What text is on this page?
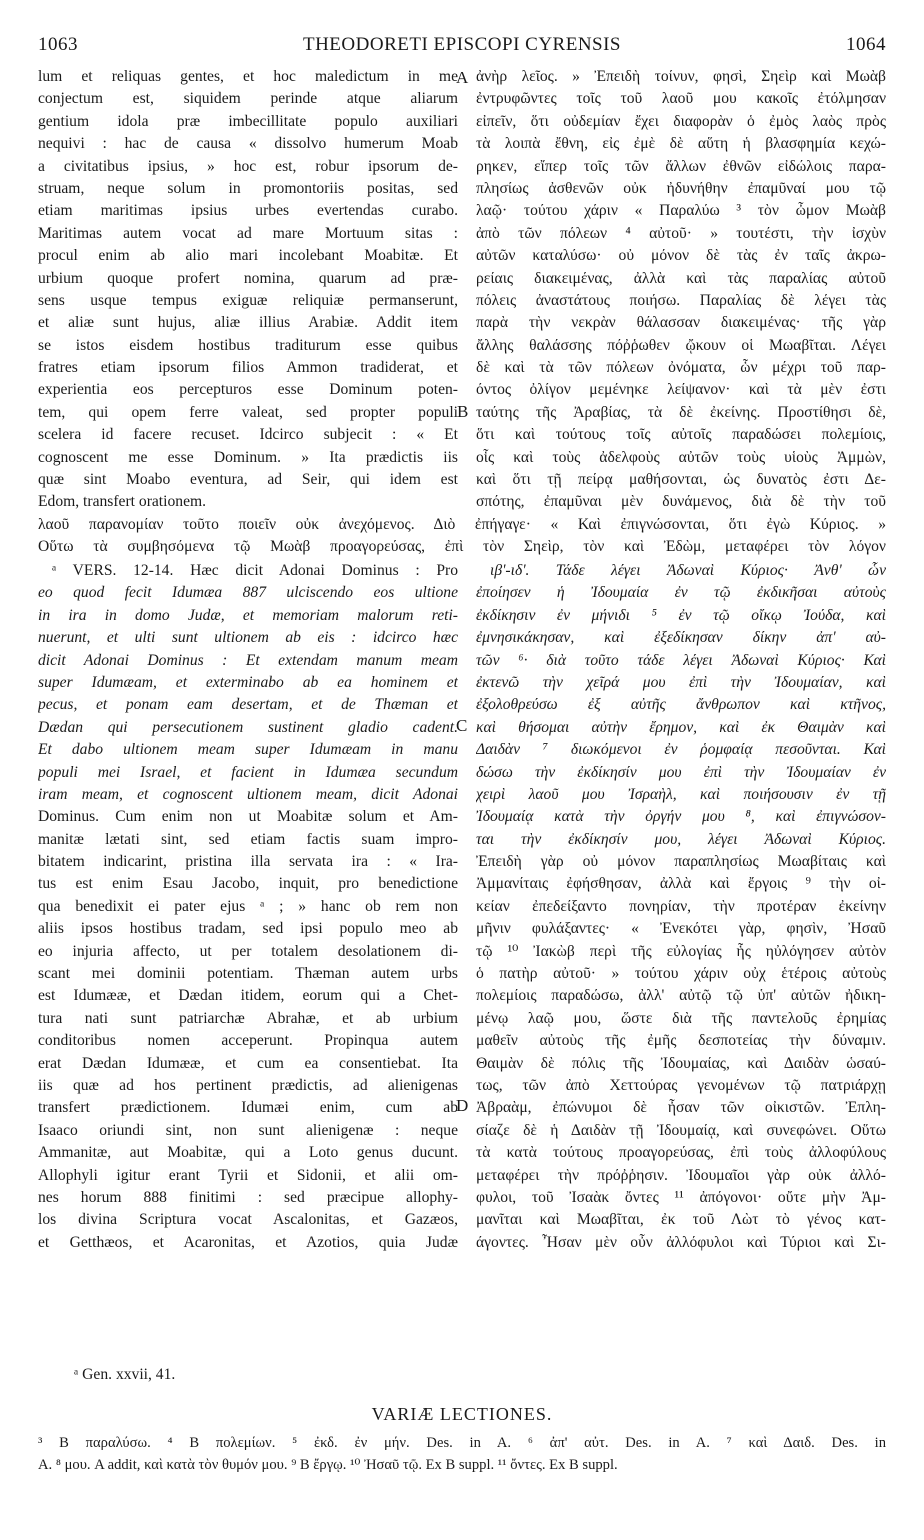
1063	THEODORETI EPISCOPI CYRENSIS	1064
lum et reliquas gentes, et hoc maledictum in me
conjectum est, siquidem perinde atque aliarum
gentium idola præ imbecillitate populo auxiliari
nequivi : hac de causa « dissolvo humerum Moab
a civitatibus ipsius, » hoc est, robur ipsorum de-
struam, neque solum in promontoriis positas, sed
etiam maritimas ipsius urbes evertendas curabo.
Maritimas autem vocat ad mare Mortuum sitas :
procul enim ab alio mari incolebant Moabitæ. Et
urbium quoque profert nomina, quarum ad præ-
sens usque tempus exiguæ reliquiæ permanserunt,
et aliæ sunt hujus, aliæ illius Arabiæ. Addit item
se istos eisdem hostibus traditurum esse quibus
fratres etiam ipsorum filios Ammon tradiderat, et
experientia eos percepturos esse Dominum poten-
tem, qui opem ferre valeat, sed propter populi
scelera id facere recuset. Idcirco subjecit : « Et
cognoscent me esse Dominum. » Ita prædictis iis
quæ sint Moabo eventura, ad Seir, qui idem est
Edom, transfert orationem.
ἀνὴρ λεῖος. » Ἐπειδὴ τοίνυν, φησὶ, Σηεὶρ καὶ Μωὰβ
ἐντρυφῶντες τοῖς τοῦ λαοῦ μου κακοῖς ἐτόλμησαν
εἰπεῖν, ὅτι οὐδεμίαν ἔχει διαφορὰν ὁ ἐμὸς λαὸς πρὸς
τὰ λοιπὰ ἔθνη, εἰς ἐμὲ δὲ αὕτη ἡ βλασφημία κεχώ-
ρηκεν, εἴπερ τοῖς τῶν ἄλλων ἐθνῶν εἰδώλοις παρα-
πλησίως ἀσθενῶν οὐκ ἠδυνήθην ἐπαμῦναί μου τῷ
λαῷ· τούτου χάριν « Παραλύω ³ τὸν ὦμον Μωὰβ
ἀπὸ τῶν πόλεων ⁴ αὐτοῦ· » τουτέστι, τὴν ἰσχὺν
αὐτῶν καταλύσω· οὐ μόνον δὲ τὰς ἐν ταῖς ἀκρω-
ρείαις διακειμένας, ἀλλὰ καὶ τὰς παραλίας αὐτοῦ
πόλεις ἀναστάτους ποιήσω. Παραλίας δὲ λέγει τὰς
παρὰ τὴν νεκρὰν θάλασσαν διακειμένας· τῆς γὰρ
ἄλλης θαλάσσης πόῤῥωθεν ᾤκουν οἱ Μωαβῖται. Λέγει
δὲ καὶ τὰ τῶν πόλεων ὀνόματα, ὧν μέχρι τοῦ παρ-
όντος ὀλίγον μεμένηκε λείψανον· καὶ τὰ μὲν ἐστι
ταύτης τῆς Ἀραβίας, τὰ δὲ ἐκείνης. Προστίθησι δὲ,
ὅτι καὶ τούτους τοῖς αὐτοῖς παραδώσει πολεμίοις,
οἷς καὶ τοὺς ἀδελφοὺς αὐτῶν τοὺς υἱοὺς Ἀμμὼν,
καὶ ὅτι τῇ πείρᾳ μαθήσονται, ὡς δυνατὸς ἐστι Δε-
σπότης, ἐπαμῦναι μὲν δυνάμενος, διὰ δὲ τὴν τοῦ
A
B
λαοῦ παρανομίαν τοῦτο ποιεῖν οὐκ ἀνεχόμενος. Διὸ ἐπήγαγε· « Καὶ ἐπιγνώσονται, ὅτι ἐγὼ Κύριος. »
Οὕτω τὰ συμβησόμενα τῷ Μωὰβ προαγορεύσας, ἐπὶ τὸν Σηεὶρ, τὸν καὶ Ἐδὼμ, μεταφέρει τὸν λόγον
ᵃ VERS. 12-14. Hæc dicit Adonai Dominus : Pro
eo quod fecit Idumæa 887 ulciscendo eos ultione
in ira in domo Judæ, et memoriam malorum reti-
nuerunt, et ulti sunt ultionem ab eis : idcirco hæc
dicit Adonai Dominus : Et extendam manum meam
super Idumæam, et exterminabo ab ea hominem et
pecus, et ponam eam desertam, et de Thæman et
Dædan qui persecutionem sustinent gladio cadent.
Et dabo ultionem meam super Idumæam in manu
populi mei Israel, et facient in Idumæa secundum
iram meam, et cognoscent ultionem meam, dicit Adonai
Dominus. Cum enim non ut Moabitæ solum et Am-
manitæ lætati sint, sed etiam factis suam impro-
bitatem indicarint, pristina illa servata ira : « Ira-
tus est enim Esau Jacobo, inquit, pro benedictione
qua benedixit ei pater ejus ᵃ ; » hanc ob rem non
aliis ipsos hostibus tradam, sed ipsi populo meo ab
eo injuria affecto, ut per totalem desolationem di-
scant mei dominii potentiam. Thæman autem urbs
est Idumææ, et Dædan itidem, eorum qui a Chet-
tura nati sunt patriarchæ Abrahæ, et ab urbium
conditoribus nomen acceperunt. Propinqua autem
erat Dædan Idumææ, et cum ea consentiebat. Ita
iis quæ ad hos pertinent prædictis, ad alienigenas
transfert prædictionem. Idumæi enim, cum ab
Isaaco oriundi sint, non sunt alienigenæ : neque
Ammanitæ, aut Moabitæ, qui a Loto genus ducunt.
Allophyli igitur erant Tyrii et Sidonii, et alii om-
nes horum 888 finitimi : sed præcipue allophy-
los divina Scriptura vocat Ascalonitas, et Gazæos,
et Getthæos, et Acaronitas, et Azotios, quia Judæ
ιβ'-ιδ'. Τάδε λέγει Ἀδωναὶ Κύριος· Ἀνθ' ὧν
ἐποίησεν ἡ Ἰδουμαία ἐν τῷ ἐκδικῆσαι αὐτοὺς
ἐκδίκησιν ἐν μήνιδι ⁵ ἐν τῷ οἴκῳ Ἰούδα, καὶ
ἐμνησικάκησαν, καὶ ἐξεδίκησαν δίκην ἀπ' αὐ-
τῶν ⁶· διὰ τοῦτο τάδε λέγει Ἀδωναὶ Κύριος· Καὶ
ἐκτενῶ τὴν χεῖρά μου ἐπὶ τὴν Ἰδουμαίαν, καὶ
ἐξολοθρεύσω ἐξ αὐτῆς ἄνθρωπον καὶ κτῆνος,
καὶ θήσομαι αὐτὴν ἔρημον, καὶ ἐκ Θαιμὰν καὶ
Δαιδὰν ⁷ διωκόμενοι ἐν ῥομφαίᾳ πεσοῦνται. Καὶ
δώσω τὴν ἐκδίκησίν μου ἐπὶ τὴν Ἰδουμαίαν ἐν
χειρὶ λαοῦ μου Ἰσραὴλ, καὶ ποιήσουσιν ἐν τῇ
Ἰδουμαίᾳ κατὰ τὴν ὀργήν μου ⁸, καὶ ἐπιγνώσον-
ται τὴν ἐκδίκησίν μου, λέγει Ἀδωναὶ Κύριος.
Ἐπειδὴ γὰρ οὐ μόνον παραπλησίως Μωαβίταις καὶ
Ἀμμανίταις ἐφήσθησαν, ἀλλὰ καὶ ἔργοις ⁹ τὴν οἰ-
κείαν ἐπεδείξαντο πονηρίαν, τὴν προτέραν ἐκείνην
μῆνιν φυλάξαντες· « Ἐνεκότει γὰρ, φησὶν, Ἠσαῦ
τῷ ¹⁰ Ἰακὼβ περὶ τῆς εὐλογίας ἧς ηὐλόγησεν αὐτὸν
ὁ πατὴρ αὐτοῦ· » τούτου χάριν οὐχ ἑτέροις αὐτοὺς
πολεμίοις παραδώσω, ἀλλ' αὐτῷ τῷ ὑπ' αὐτῶν ἠδικη-
μένῳ λαῷ μου, ὥστε διὰ τῆς παντελοῦς ἐρημίας
μαθεῖν αὐτοὺς τῆς ἐμῆς δεσποτείας τὴν δύναμιν.
Θαιμὰν δὲ πόλις τῆς Ἰδουμαίας, καὶ Δαιδὰν ὡσαύ-
τως, τῶν ἀπὸ Χεττούρας γενομένων τῷ πατριάρχῃ
Ἀβραὰμ, ἐπώνυμοι δὲ ἦσαν τῶν οἰκιστῶν. Ἐπλη-
σίαζε δὲ ἡ Δαιδὰν τῇ Ἰδουμαίᾳ, καὶ συνεφώνει. Οὕτω
τὰ κατὰ τούτους προαγορεύσας, ἐπὶ τοὺς ἀλλοφύλους
μεταφέρει τὴν πρόῤῥησιν. Ἰδουμαῖοι γὰρ οὐκ ἀλλό-
φυλοι, τοῦ Ἰσαὰκ ὄντες ¹¹ ἀπόγονοι· οὔτε μὴν Ἀμ-
μανῖται καὶ Μωαβῖται, ἐκ τοῦ Λὼτ τὸ γένος κατ-
άγοντες. Ἦσαν μὲν οὖν ἀλλόφυλοι καὶ Τύριοι καὶ Σι-
C
D
ᵃ Gen. xxvii, 41.
VARIÆ LECTIONES.
³ Β παραλύσω. ⁴ Β πολεμίων. ⁵ ἐκδ. ἐν μήν. Des. in A. ⁶ ἀπ' αὐτ. Des. in A. ⁷ καὶ Δαιδ. Des. in
A. ⁸ μου. A addit, καὶ κατὰ τὸν θυμόν μου. ⁹ Β ἔργῳ. ¹⁰ Ἠσαῦ τῷ. Ex B suppl. ¹¹ ὄντες. Ex B suppl.
